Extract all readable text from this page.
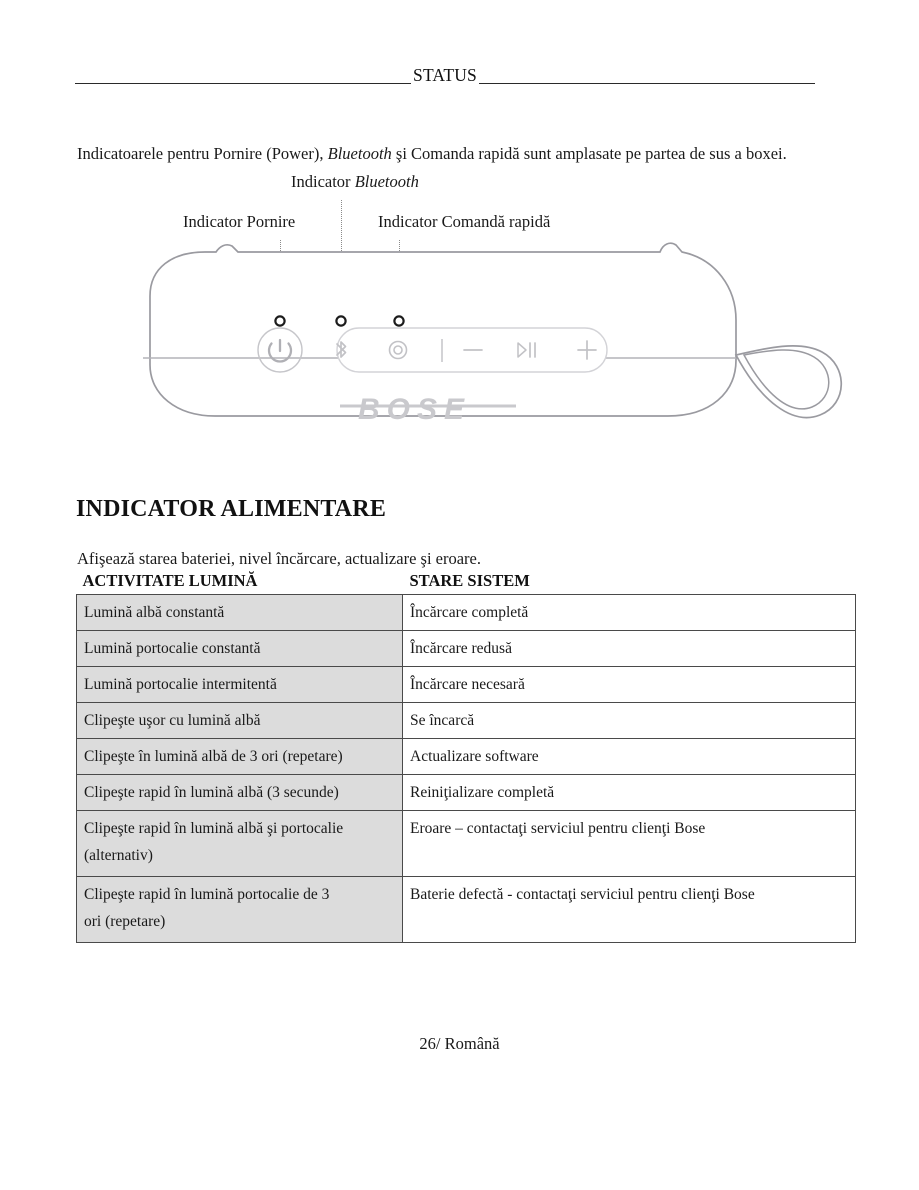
STATUS

Indicatoarele pentru Pornire (Power), Bluetooth şi Comanda rapidă sunt amplasate pe partea de sus a boxei.

Indicator Bluetooth
Indicator Pornire	Indicator Comandă rapidă
BOSE
INDICATOR ALIMENTARE

Afişează starea bateriei, nivel încărcare, actualizare şi eroare.

ACTIVITATE LUMINĂ	STARE SISTEM

Lumină albă constantă	Încărcare completă

Lumină portocalie constantă	Încărcare redusă

Lumină portocalie intermitentă	Încărcare necesară

Clipeşte uşor cu lumină albă	Se încarcă

Clipeşte în lumină albă de 3 ori (repetare)	Actualizare software

Clipeşte rapid în lumină albă (3 secunde)	Reiniţializare completă

Clipeşte rapid în lumină albă şi portocalie
(alternativ)	Eroare – contactaţi serviciul pentru clienţi Bose

Clipeşte rapid în lumină portocalie de 3
ori (repetare)	Baterie defectă - contactaţi serviciul pentru clienţi Bose
26/ Română
